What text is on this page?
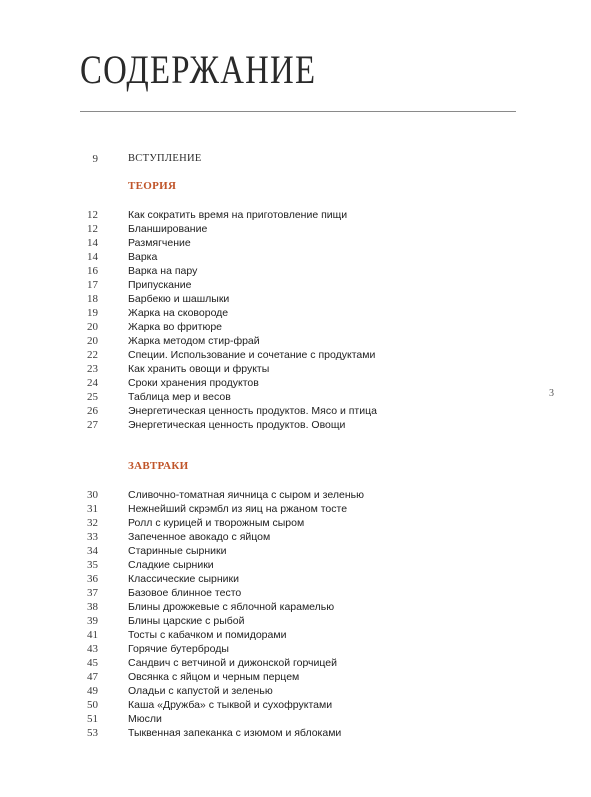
СОДЕРЖАНИЕ
9	ВСТУПЛЕНИЕ
ТЕОРИЯ
12	Как сократить время на приготовление пищи
12	Бланширование
14	Размягчение
14	Варка
16	Варка на пару
17	Припускание
18	Барбекю и шашлыки
19	Жарка на сковороде
20	Жарка во фритюре
20	Жарка методом стир-фрай
22	Специи. Использование и сочетание с продуктами
23	Как хранить овощи и фрукты
24	Сроки хранения продуктов
25	Таблица мер и весов
26	Энергетическая ценность продуктов. Мясо и птица
27	Энергетическая ценность продуктов. Овощи
ЗАВТРАКИ
30	Сливочно-томатная яичница с сыром и зеленью
31	Нежнейший скрэмбл из яиц на ржаном тосте
32	Ролл с курицей и творожным сыром
33	Запеченное авокадо с яйцом
34	Старинные сырники
35	Сладкие сырники
36	Классические сырники
37	Базовое блинное тесто
38	Блины дрожжевые с яблочной карамелью
39	Блины царские с рыбой
41	Тосты с кабачком и помидорами
43	Горячие бутерброды
45	Сандвич с ветчиной и дижонской горчицей
47	Овсянка с яйцом и черным перцем
49	Оладьи с капустой и зеленью
50	Каша «Дружба» с тыквой и сухофруктами
51	Мюсли
53	Тыквенная запеканка с изюмом и яблоками
3
